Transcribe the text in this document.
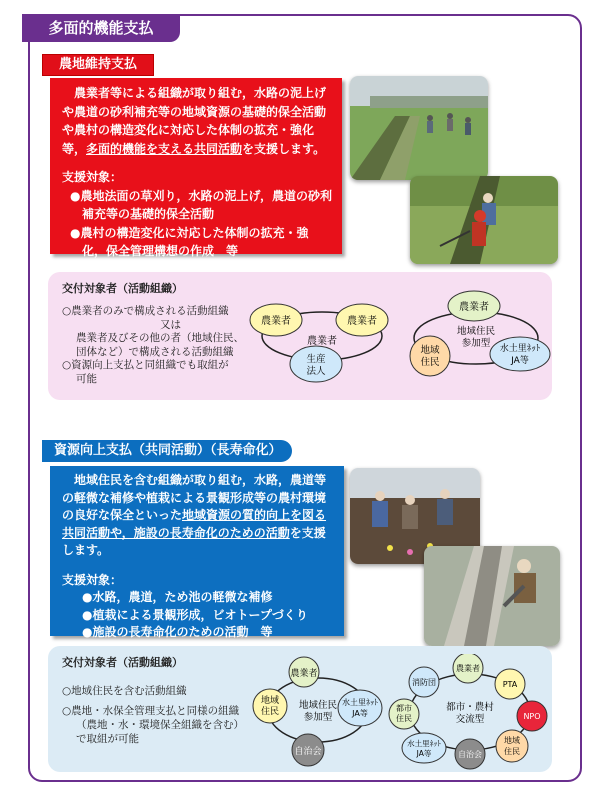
多面的機能支払
農地維持支払

農業者等による組織が取り組む，水路の泥上げや農道の砂利補充等の地域資源の基礎的保全活動や農村の構造変化に対応した体制の拡充・強化等，多面的機能を支える共同活動を支援します。

支援対象：
●農地法面の草刈り，水路の泥上げ，農道の砂利補充等の基礎的保全活動
●農村の構造変化に対応した体制の拡充・強化，保全管理構想の作成　等
交付対象者（活動組織）
○農業者のみで構成される活動組織
又は
農業者及びその他の者（地域住民、
団体など）で構成される活動組織
○資源向上支払と同組織でも取組が
可能
農業者	農業者
農業者
生産
法人
農業者
地域住民
参加型
地域
住民
水土里ﾈｯﾄ
JA等
資源向上支払（共同活動）（長寿命化）

地域住民を含む組織が取り組む，水路，農道等の軽微な補修や植栽による景観形成等の農村環境の良好な保全といった地域資源の質的向上を図る共同活動や，施設の長寿命化のための活動を支援します。

支援対象：
●水路，農道，ため池の軽微な補修
●植栽による景観形成，ビオトープづくり
●施設の長寿命化のための活動　等
交付対象者（活動組織）
○地域住民を含む活動組織
○農地・水保全管理支払と同様の組織
（農地・水・環境保全組織を含む）
で取組が可能
農業者
地域住民
参加型
地域
住民
水土里ﾈｯﾄ
JA等
自治会
都市・農村
交流型
消防団
農業者
PTA
NPO
地域
住民
自治会
水土里ﾈｯﾄ
JA等
都市
住民
